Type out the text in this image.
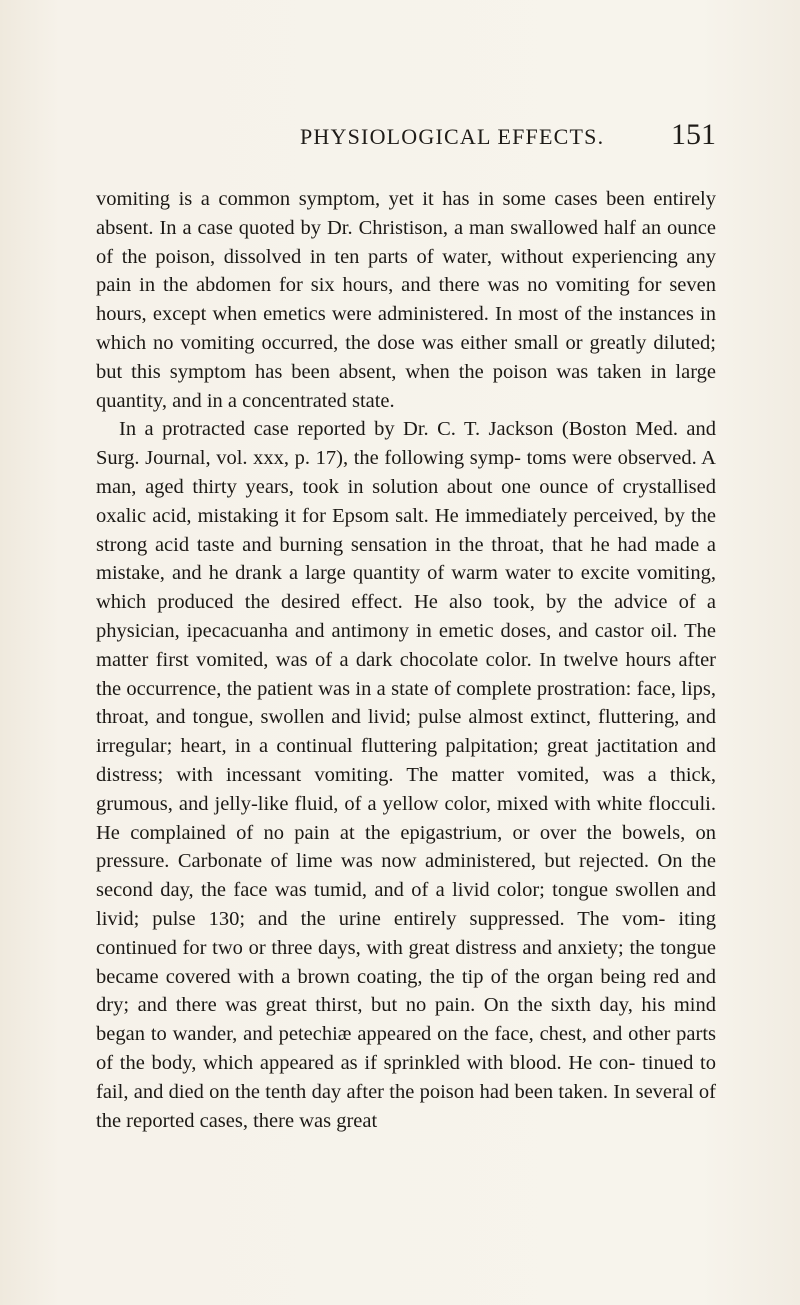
PHYSIOLOGICAL EFFECTS. 151

vomiting is a common symptom, yet it has in some cases been entirely absent. In a case quoted by Dr. Christison, a man swallowed half an ounce of the poison, dissolved in ten parts of water, without experiencing any pain in the abdomen for six hours, and there was no vomiting for seven hours, except when emetics were administered. In most of the instances in which no vomiting occurred, the dose was either small or greatly diluted; but this symptom has been absent, when the poison was taken in large quantity, and in a concentrated state.

In a protracted case reported by Dr. C. T. Jackson (Boston Med. and Surg. Journal, vol. xxx, p. 17), the following symp- toms were observed. A man, aged thirty years, took in solution about one ounce of crystallised oxalic acid, mistaking it for Epsom salt. He immediately perceived, by the strong acid taste and burning sensation in the throat, that he had made a mistake, and he drank a large quantity of warm water to excite vomiting, which produced the desired effect. He also took, by the advice of a physician, ipecacuanha and antimony in emetic doses, and castor oil. The matter first vomited, was of a dark chocolate color. In twelve hours after the occurrence, the patient was in a state of complete prostration: face, lips, throat, and tongue, swollen and livid; pulse almost extinct, fluttering, and irregular; heart, in a continual fluttering palpitation; great jactitation and distress; with incessant vomiting. The matter vomited, was a thick, grumous, and jelly-like fluid, of a yellow color, mixed with white flocculi. He complained of no pain at the epigastrium, or over the bowels, on pressure. Carbonate of lime was now administered, but rejected. On the second day, the face was tumid, and of a livid color; tongue swollen and livid; pulse 130; and the urine entirely suppressed. The vom- iting continued for two or three days, with great distress and anxiety; the tongue became covered with a brown coating, the tip of the organ being red and dry; and there was great thirst, but no pain. On the sixth day, his mind began to wander, and petechiæ appeared on the face, chest, and other parts of the body, which appeared as if sprinkled with blood. He con- tinued to fail, and died on the tenth day after the poison had been taken. In several of the reported cases, there was great
